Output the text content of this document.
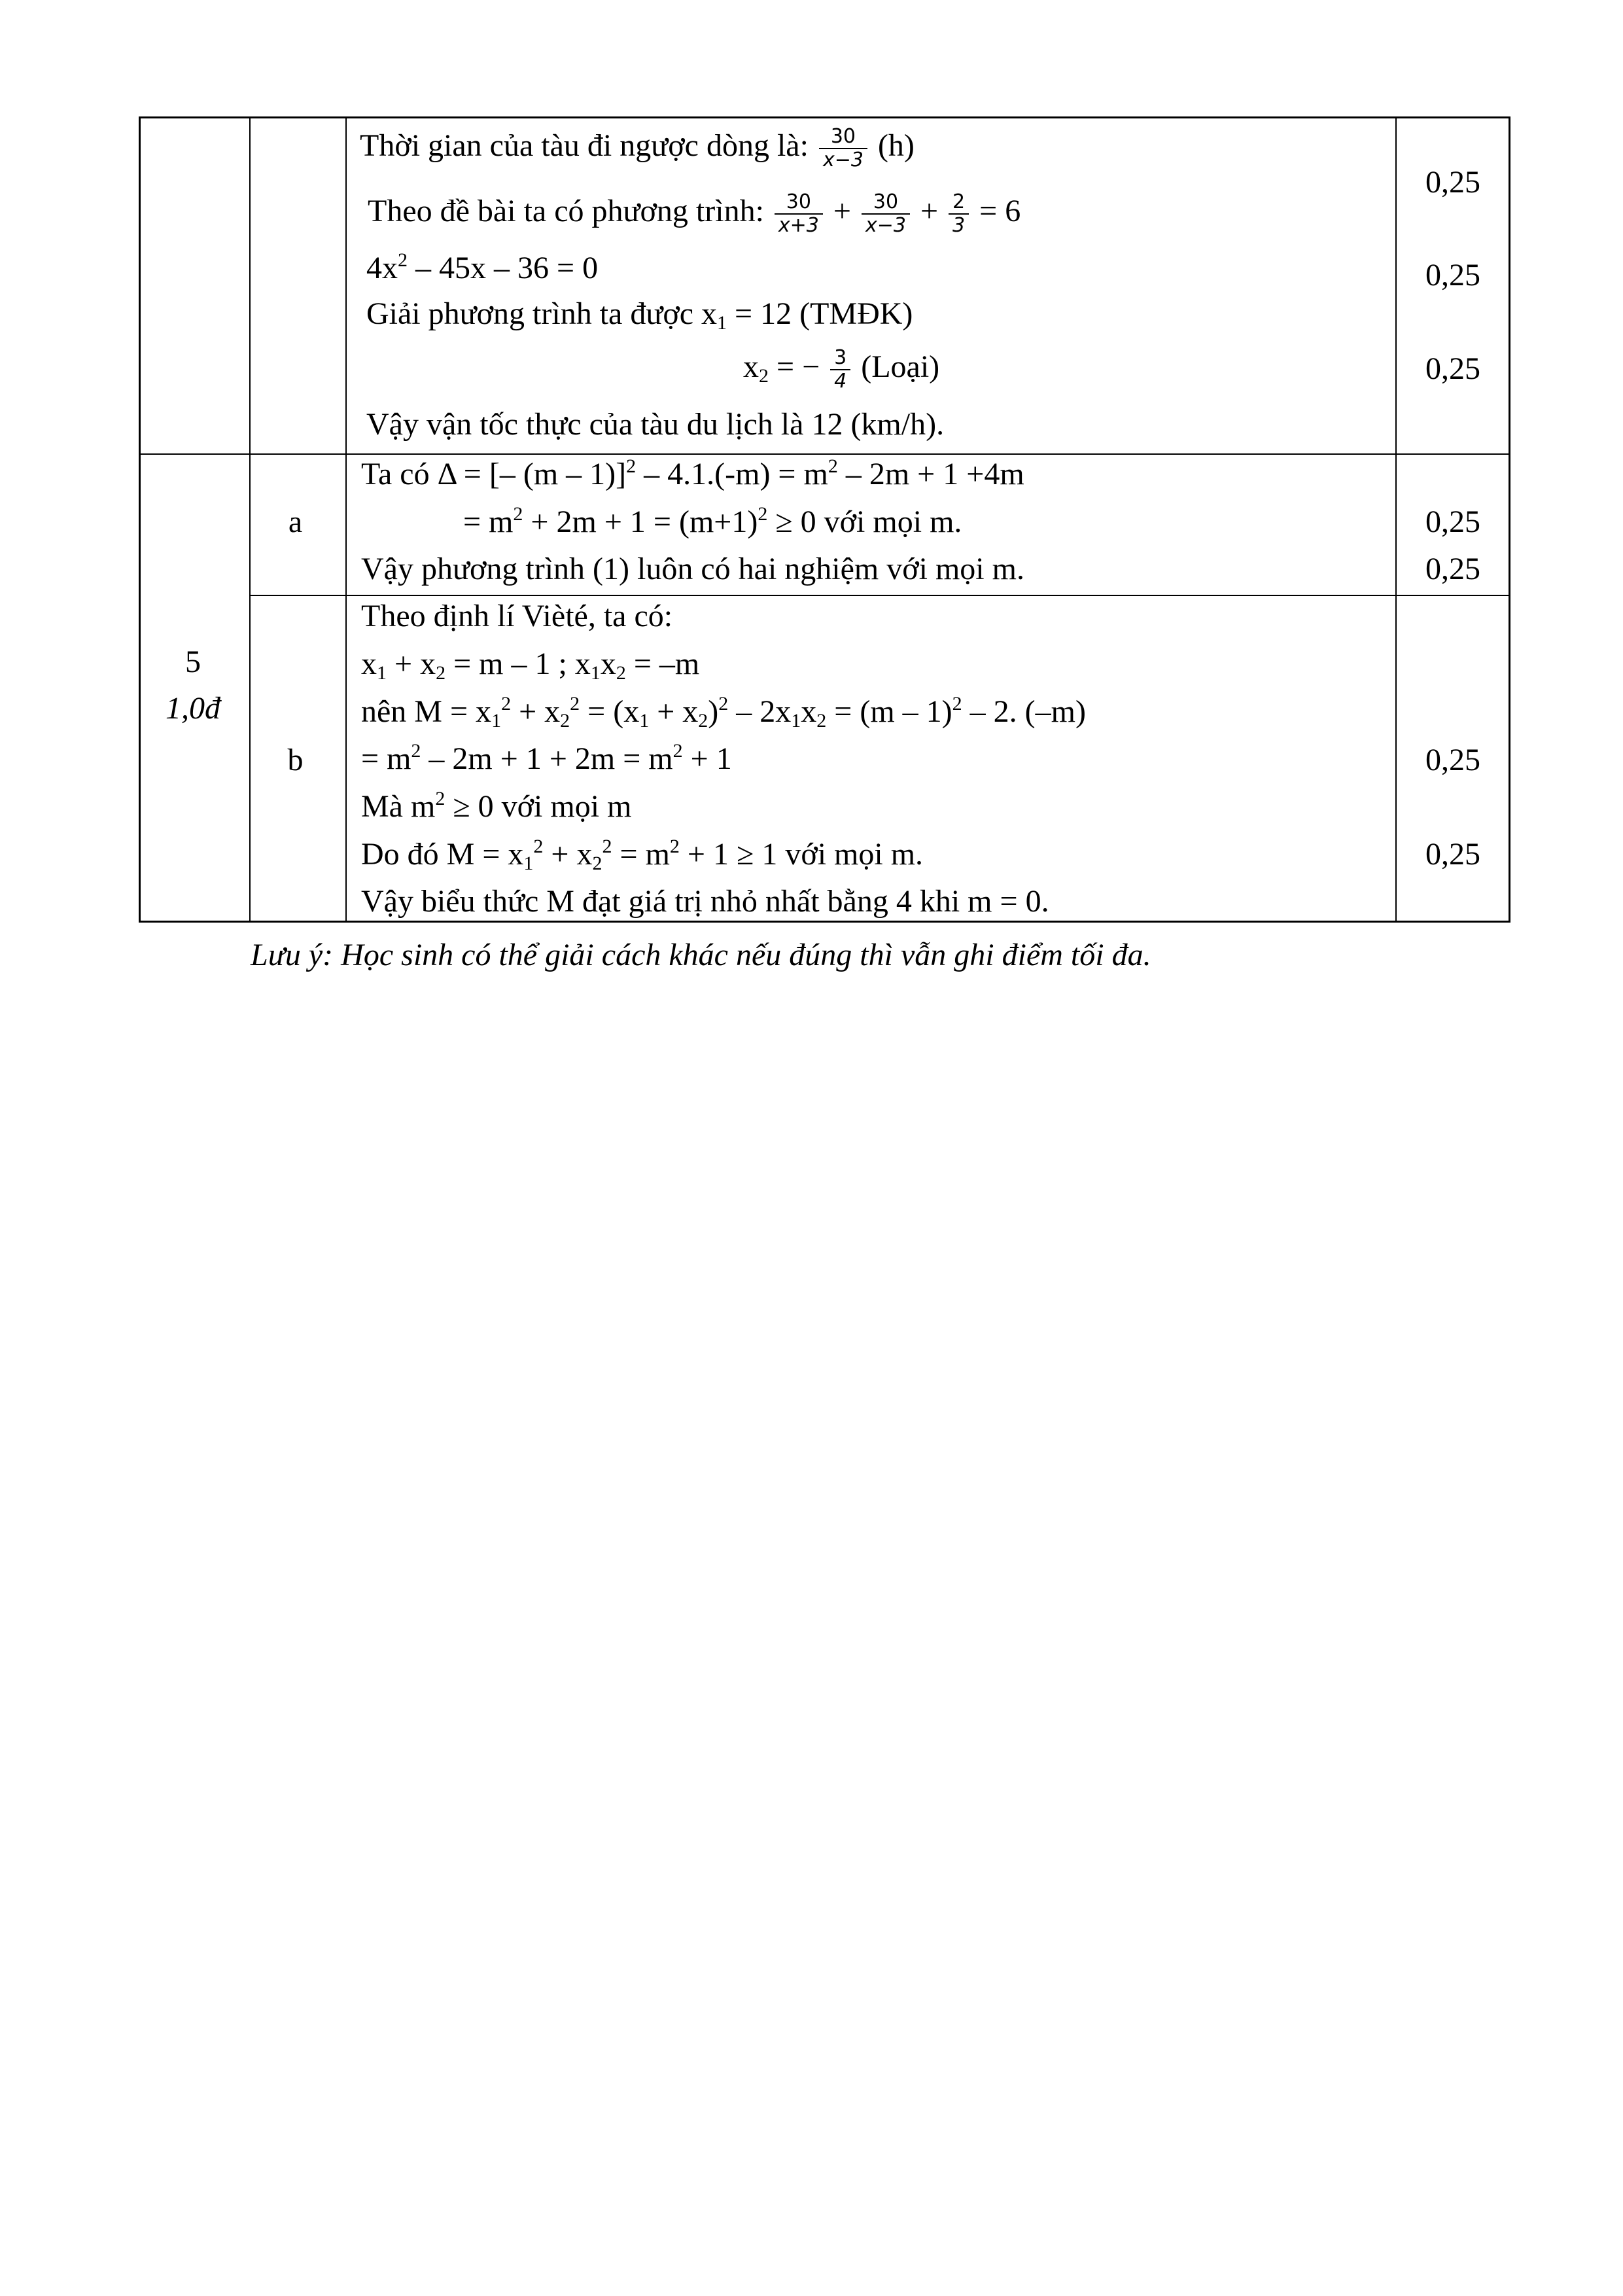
Thời gian của tàu đi ngược dòng là: $\frac{30}{x-3} (h)$
Theo đề bài ta có phương trình: $\frac{30}{x+3} + \frac{30}{x-3} + \frac{2}{3} = 6$
$4x^2 - 45x - 36 = 0$
Giải phương trình ta được $x_1 = 12$ (TMĐK)
$x_2$ = − $\frac{3}{4}$ (Loại)
Vậy vận tốc thực của tàu du lịch là 12 (km/h).
0,25
0,25
0,25
5
1,0đ
a
Ta có Δ = [– $(m - 1)]^2 - 4.1.(-m) = m^2 - 2m + 1 +4m$
= $m^2 + 2m + 1 = (m+1)^2 \ge 0$ với mọi m.
Vậy phương trình (1) luôn có hai nghiệm với mọi m.
0,25
0,25
b
Theo định lí Vièté, ta có:
$x_1 + x_2 = m - 1$ ; $x_1x_2 = -m$
nên $M = x_1^2 + x_2^2 = (x_1 + x_2)^2 - 2x_1x_2 = (m - 1)^2 - 2$. (–m)
= $m^2 - 2m + 1 + 2m = m^2 + 1$
Mà $m^2 \ge 0$ với mọi m
Do đó $M = x_1^2 + x_2^2 = m^2 + 1 \ge 1$ với mọi m.
Vậy biểu thức M đạt giá trị nhỏ nhất bằng 4 khi m = 0.
0,25
0,25
Lưu ý: Học sinh có thể giải cách khác nếu đúng thì vẫn ghi điểm tối đa.
